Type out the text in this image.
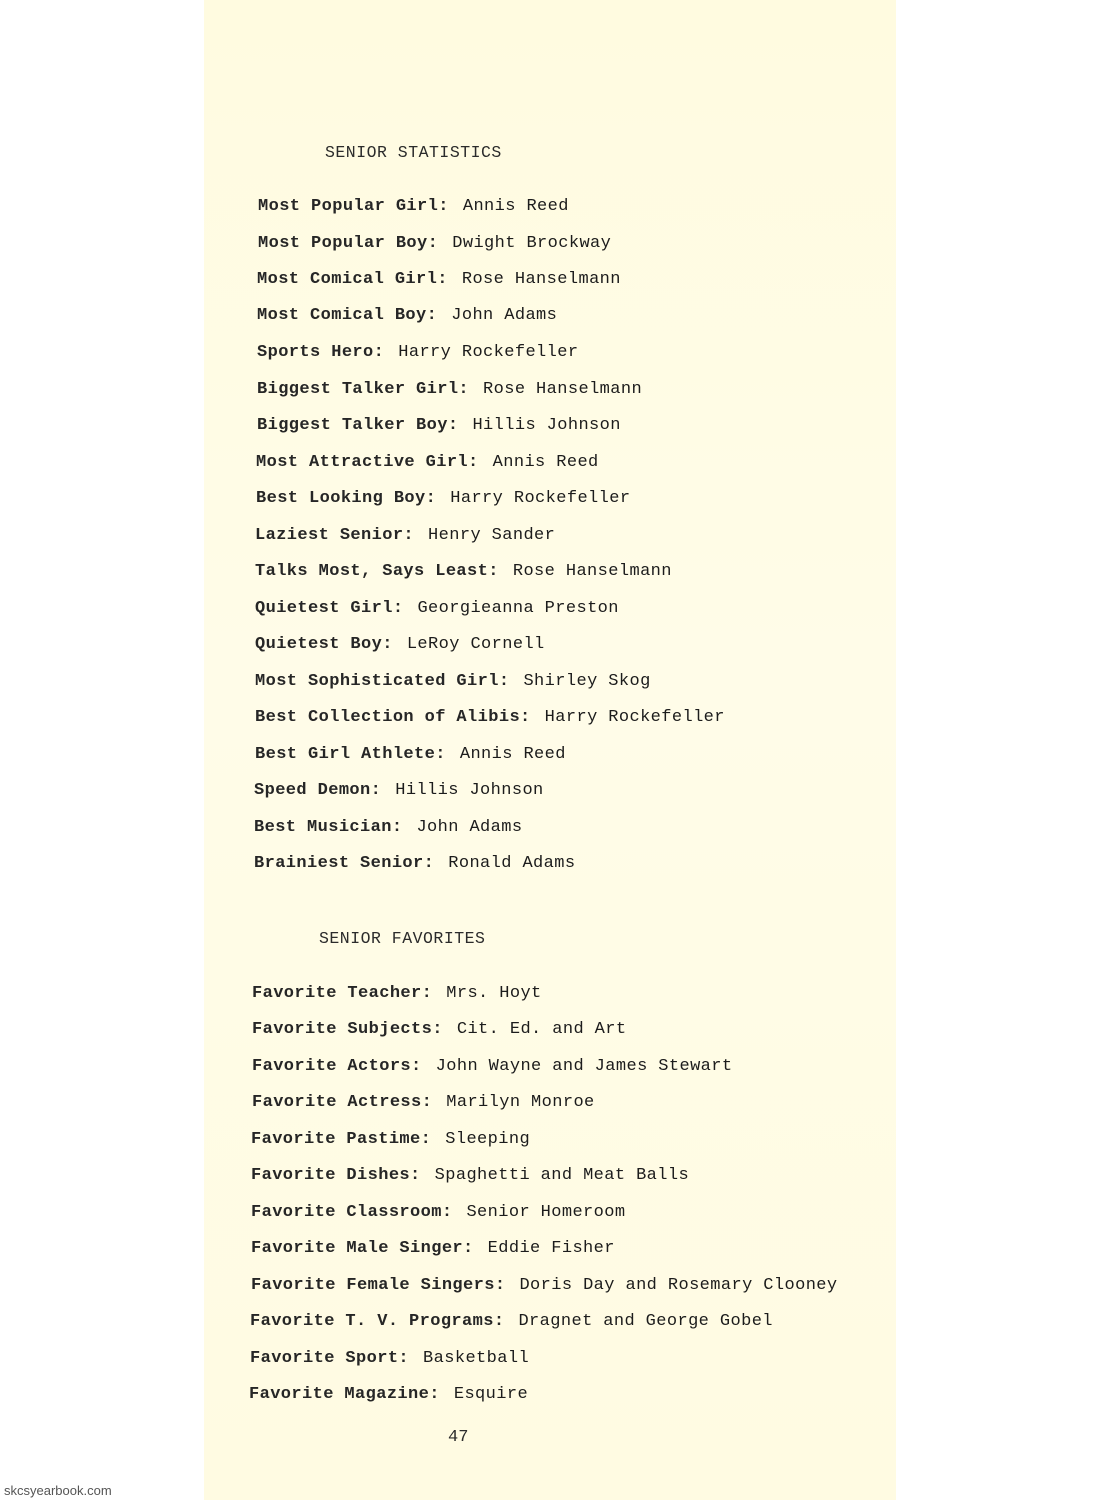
SENIOR STATISTICS
Most Popular Girl: Annis Reed
Most Popular Boy: Dwight Brockway
Most Comical Girl: Rose Hanselmann
Most Comical Boy: John Adams
Sports Hero: Harry Rockefeller
Biggest Talker Girl: Rose Hanselmann
Biggest Talker Boy: Hillis Johnson
Most Attractive Girl: Annis Reed
Best Looking Boy: Harry Rockefeller
Laziest Senior: Henry Sander
Talks Most, Says Least: Rose Hanselmann
Quietest Girl: Georgieanna Preston
Quietest Boy: LeRoy Cornell
Most Sophisticated Girl: Shirley Skog
Best Collection of Alibis: Harry Rockefeller
Best Girl Athlete: Annis Reed
Speed Demon: Hillis Johnson
Best Musician: John Adams
Brainiest Senior: Ronald Adams
SENIOR FAVORITES
Favorite Teacher: Mrs. Hoyt
Favorite Subjects: Cit. Ed. and Art
Favorite Actors: John Wayne and James Stewart
Favorite Actress: Marilyn Monroe
Favorite Pastime: Sleeping
Favorite Dishes: Spaghetti and Meat Balls
Favorite Classroom: Senior Homeroom
Favorite Male Singer: Eddie Fisher
Favorite Female Singers: Doris Day and Rosemary Clooney
Favorite T. V. Programs: Dragnet and George Gobel
Favorite Sport: Basketball
Favorite Magazine: Esquire
47
skcsyearbook.com
